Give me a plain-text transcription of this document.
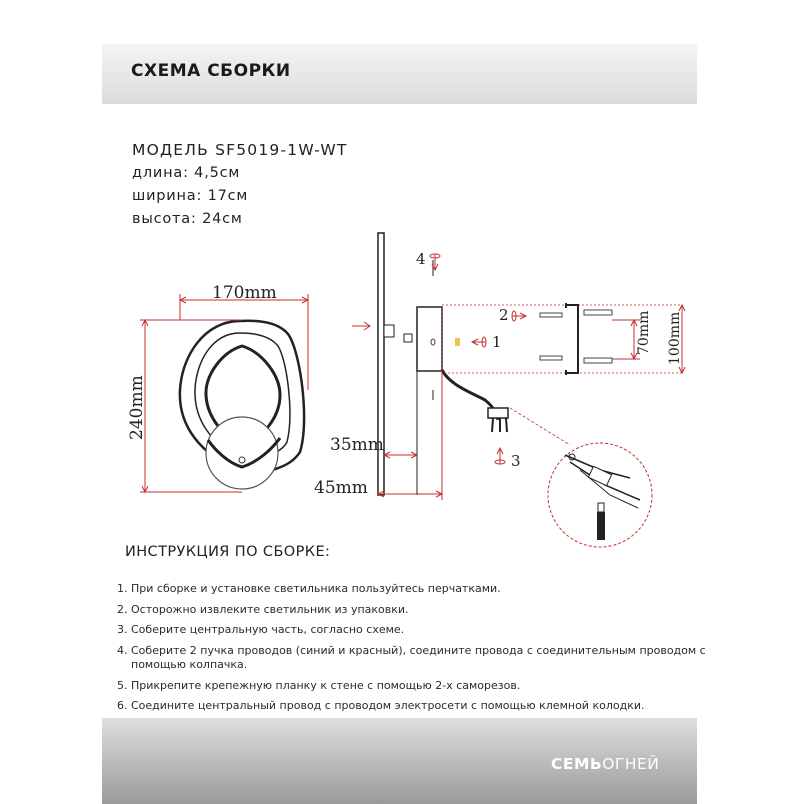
СХЕМА СБОРКИ
МОДЕЛЬ SF5019-1W-WT
длина: 4,5см
ширина: 17см
высота: 24см
170mm
240mm
35mm
45mm
70mm 100mm
4
2
1
3
ИНСТРУКЦИЯ ПО СБОРКЕ:
1. При сборке и установке светильника пользуйтесь перчатками.
2. Осторожно извлеките светильник из упаковки.
3. Соберите центральную часть, согласно схеме.
4. Соберите 2 пучка проводов (синий и красный), соедините провода с соединительным проводом с помощью колпачка.
5. Прикрепите крепежную планку к стене с помощью 2-х саморезов.
6. Соедините центральный провод с проводом электросети с помощью клемной колодки.
СЕМЬОГНЕЙ
